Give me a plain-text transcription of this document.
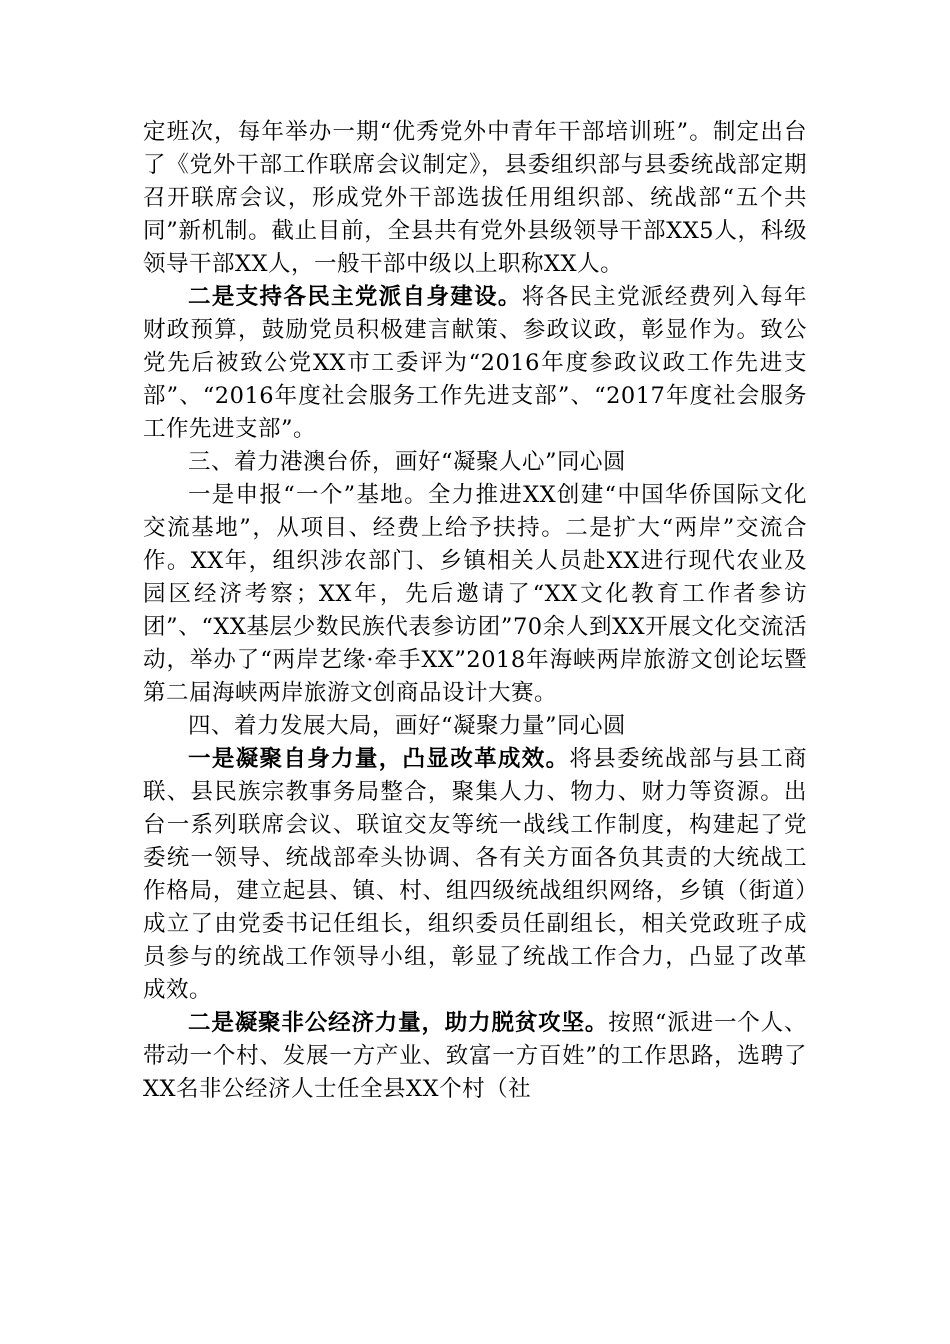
定班次，每年举办一期“优秀党外中青年干部培训班”。制定出台了《党外干部工作联席会议制定》，县委组织部与县委统战部定期召开联席会议，形成党外干部选拔任用组织部、统战部“五个共同”新机制。截止目前，全县共有党外县级领导干部XX5人，科级领导干部XX人，一般干部中级以上职称XX人。

二是支持各民主党派自身建设。将各民主党派经费列入每年财政预算，鼓励党员积极建言献策、参政议政，彰显作为。致公党先后被致公党XX市工委评为“2016年度参政议政工作先进支部”、“2016年度社会服务工作先进支部”、“2017年度社会服务工作先进支部”。

三、着力港澳台侨，画好“凝聚人心”同心圆

一是申报“一个”基地。全力推进XX创建“中国华侨国际文化交流基地”，从项目、经费上给予扶持。二是扩大“两岸”交流合作。XX年，组织涉农部门、乡镇相关人员赴XX进行现代农业及园区经济考察；XX年，先后邀请了“XX文化教育工作者参访团”、“XX基层少数民族代表参访团”70余人到XX开展文化交流活动，举办了“两岸艺缘·牵手XX”2018年海峡两岸旅游文创论坛暨第二届海峡两岸旅游文创商品设计大赛。

四、着力发展大局，画好“凝聚力量”同心圆

一是凝聚自身力量，凸显改革成效。将县委统战部与县工商联、县民族宗教事务局整合，聚集人力、物力、财力等资源。出台一系列联席会议、联谊交友等统一战线工作制度，构建起了党委统一领导、统战部牵头协调、各有关方面各负其责的大统战工作格局，建立起县、镇、村、组四级统战组织网络，乡镇（街道）成立了由党委书记任组长，组织委员任副组长，相关党政班子成员参与的统战工作领导小组，彰显了统战工作合力，凸显了改革成效。

二是凝聚非公经济力量，助力脱贫攻坚。按照“派进一个人、带动一个村、发展一方产业、致富一方百姓”的工作思路，选聘了XX名非公经济人士任全县XX个村（社
